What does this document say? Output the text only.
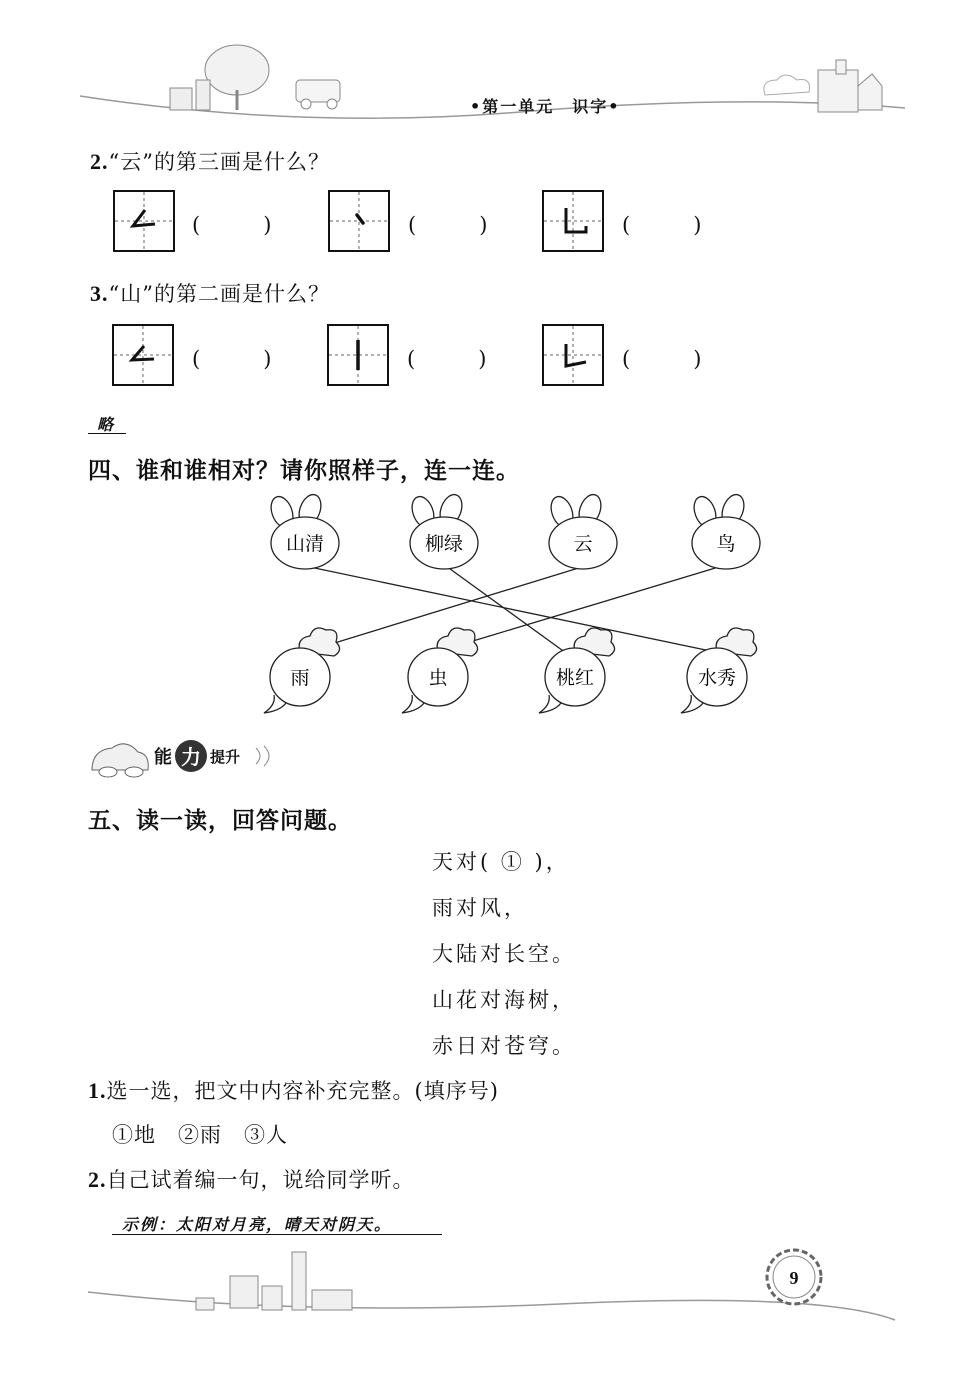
•第一单元　识字•
2.“云”的第三画是什么？
(　　　)	(　　　)	(　　　)
3.“山”的第二画是什么？
(　　　)	(　　　)	(　　　)
略
四、谁和谁相对？请你照样子，连一连。
山清	柳绿	云	鸟
雨	虫	桃红	水秀
能 力 提升
五、读一读，回答问题。
天对( ① )，
雨对风，
大陆对长空。
山花对海树，
赤日对苍穹。
1.选一选，把文中内容补充完整。(填序号)
①地　②雨　③人
2.自己试着编一句，说给同学听。
示例：太阳对月亮，晴天对阴天。
9
